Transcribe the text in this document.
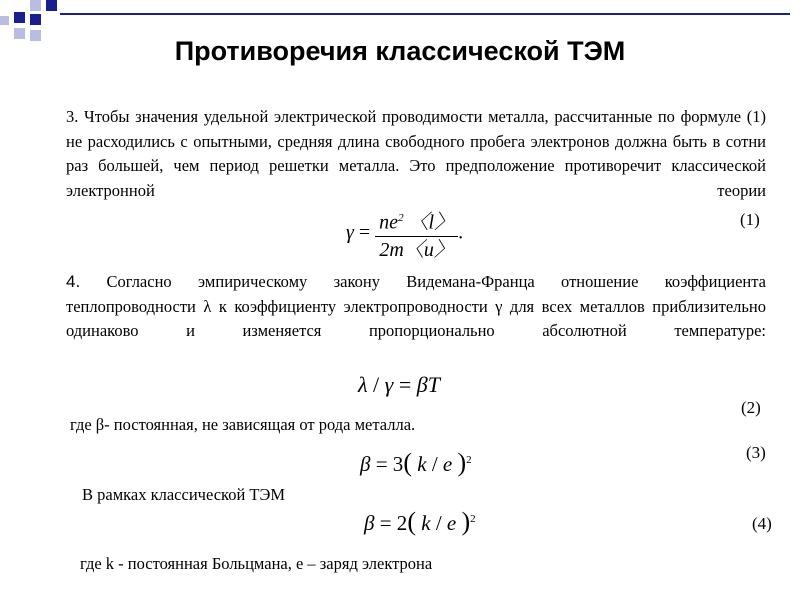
Противоречия классической ТЭМ
3. Чтобы значения удельной электрической проводимости металла, рассчитанные по формуле (1) не расходились с опытными, средняя длина свободного пробега электронов должна быть в сотни раз большей, чем период решетки металла. Это предположение противоречит классической электронной теории
$\gamma = \frac{ne^2 〈l〉}{2m〈u〉}$ .
(1)
4. Согласно эмпирическому закону Видемана-Франца отношение коэффициента теплопроводности λ к коэффициенту электропроводности γ для всех металлов приблизительно одинаково и изменяется пропорционально абсолютной температуре:
λ / γ = βT
(2)
где β- постоянная, не зависящая от рода металла.
β = 3( k / e )$^2$	(3)
В рамках классической ТЭМ
β = 2( k / e )$^2$	(4)
где k - постоянная Больцмана, e – заряд электрона
